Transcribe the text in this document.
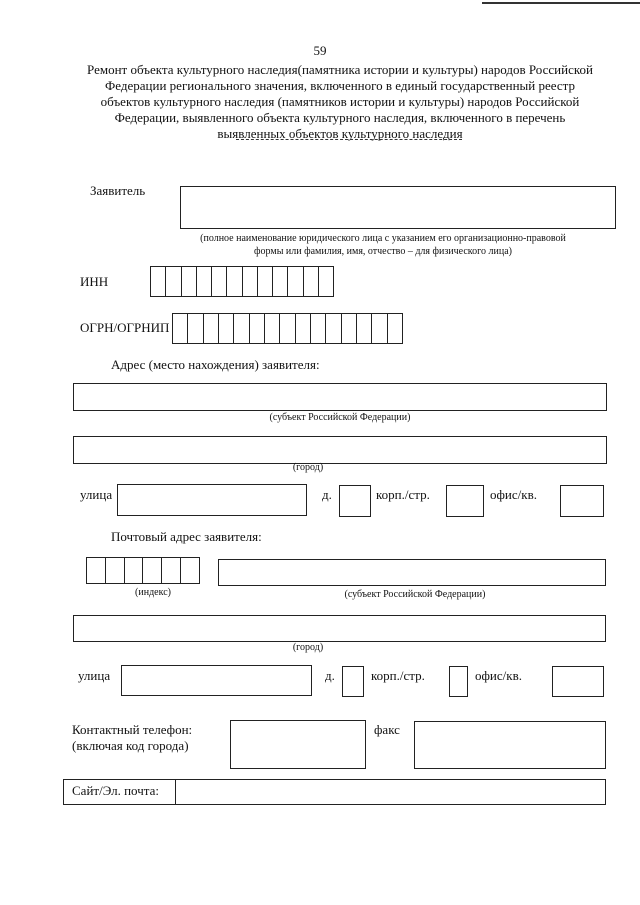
59
Ремонт объекта культурного наследия(памятника истории и культуры) народов Российской Федерации регионального значения, включенного в единый государственный реестр объектов культурного наследия (памятников истории и культуры) народов Российской Федерации, выявленного объекта культурного наследия, включенного в перечень выявленных объектов культурного наследия
Заявитель
(полное наименование юридического лица с указанием его организационно-правовой
формы или фамилия, имя, отчество – для физического лица)
ИНН
ОГРН/ОГРНИП
Адрес (место нахождения) заявителя:
(субъект Российской Федерации)
(город)
улица	д.	корп./стр.	офис/кв.
Почтовый адрес заявителя:
(индекс)	(субъект Российской Федерации)
(город)
улица	д.	корп./стр.	офис/кв.
Контактный телефон:
(включая код города)
факс
Сайт/Эл. почта:
